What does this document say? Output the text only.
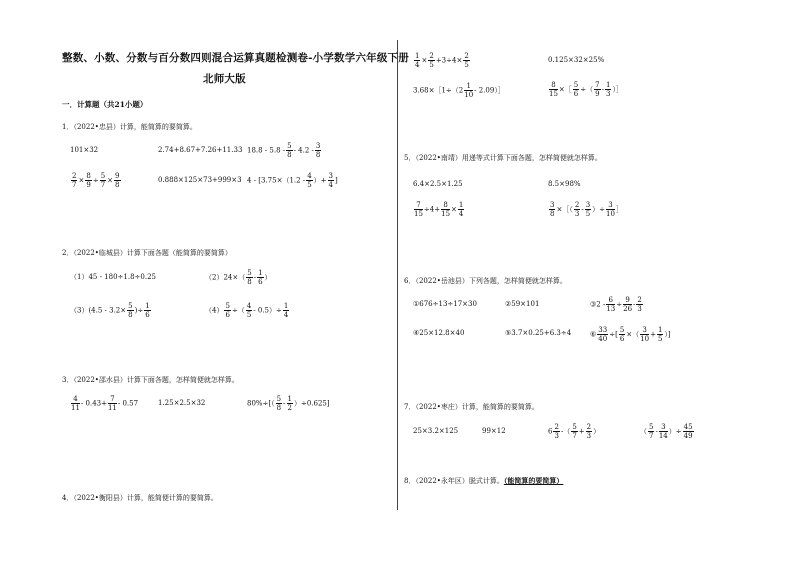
整数、小数、分数与百分数四则混合运算真题检测卷-小学数学六年级下册
北师大版
一．计算题（共21小题）
1．（2022•忠县）计算，能简算的要简算。
101×32	2.74+8.67+7.26+11.33 $18.8 - 5.8 - \frac{5}{8} - 4.2 - \frac{3}{8}$
$\frac{2}{7} \times \frac{8}{9} \div \frac{5}{7} \times \frac{9}{8}$	0.888×125×73+999×3 $4 - [3.75\times(1.2 - \frac{4}{5}$ ）+ $\frac{3}{4}$ ]
2．（2022•临城县）计算下面各题（能简算的要简算）
（1）45 - 180÷1.8÷0.25	$(2)24\times( \frac{5}{8} - \frac{1}{6}$ ）
$(3)(4.5 - 3.2\times \frac{5}{8}$ )÷ $\frac{1}{6}$	$(4) \frac{5}{6}$ ÷（ $\frac{4}{5} - 0.5)\div \frac{1}{4}$
3．（2022•邵水县）计算下面各题，怎样简便就怎样算。
$\frac{4}{11} - 0.43+ \frac{7}{11} - 0.57$	1.25×2.5×32	$80\%\div[( \frac{5}{8} - \frac{1}{2} )\div 0.625]$
4．（2022•衡阳县）计算，能简便计算的要简算。
$\frac{1}{4} \times \frac{2}{5} +3\div 4\times \frac{2}{5}$	0.125×32×25%
3.68×［1÷（2 $\frac{1}{10}$ - 2.09）］	$\frac{8}{15}$ ×［ $\frac{5}{6}$ ÷（ $\frac{7}{9} - \frac{1}{3}$ ）］
5．（2022•南靖）用递等式计算下面各题，怎样简便就怎样算。
6.4×2.5×1.25	8.5×98%
$\frac{7}{15} \div 4+ \frac{8}{15} \times \frac{1}{4}$	$\frac{3}{8}$ ×［（ $\frac{2}{3} - \frac{3}{5}$ ）÷ $\frac{3}{10}$ ］
6．（2022•岳池县）下列各题，怎样简便就怎样算。
①676÷13÷17×30	②59×101	③2 - $\frac{6}{13} \div \frac{9}{26} - \frac{2}{3}$
④25×12.8×40	⑤3.7×0.25+6.3÷4	⑥ $\frac{33}{40}$ ÷[ $\frac{5}{6}$ ×（ $\frac{3}{10} + \frac{1}{5}$ ）]
7．（2022•枣庄）计算，能简算的要简算。
25×3.2×125	99×12	$6 \frac{2}{3}$ -（ $\frac{5}{7} + \frac{2}{3}$ ）	（ $\frac{5}{7} - \frac{3}{14}$ ）÷ $\frac{45}{49}$
8．（2022•永年区）脱式计算。（能简算的要简算）
